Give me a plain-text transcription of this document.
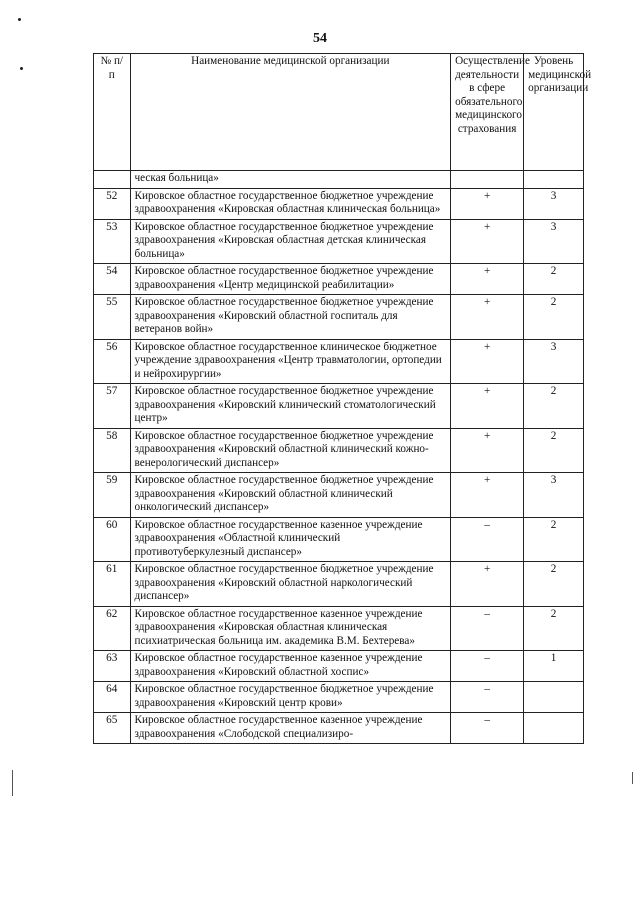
54
№ п/п	Наименование медицинской организации	Осуществление деятельности в сфере обязательного медицинского страхования	Уровень медицинской организации
	ческая больница»		
52	Кировское областное государственное бюджетное учреждение здравоохранения «Кировская областная клиническая больница»	+	3
53	Кировское областное государственное бюджетное учреждение здравоохранения «Кировская областная детская клиническая больница»	+	3
54	Кировское областное государственное бюджетное учреждение здравоохранения «Центр медицинской реабилитации»	+	2
55	Кировское областное государственное бюджетное учреждение здравоохранения «Кировский областной госпиталь для ветеранов войн»	+	2
56	Кировское областное государственное клиническое бюджетное учреждение здравоохранения «Центр травматологии, ортопедии и нейрохирургии»	+	3
57	Кировское областное государственное бюджетное учреждение здравоохранения «Кировский клинический стоматологический центр»	+	2
58	Кировское областное государственное бюджетное учреждение здравоохранения «Кировский областной клинический кожно-венерологический диспансер»	+	2
59	Кировское областное государственное бюджетное учреждение здравоохранения «Кировский областной клинический онкологический диспансер»	+	3
60	Кировское областное государственное казенное учреждение здравоохранения «Областной клинический противотуберкулезный диспансер»	–	2
61	Кировское областное государственное бюджетное учреждение здравоохранения «Кировский областной наркологический диспансер»	+	2
62	Кировское областное государственное казенное учреждение здравоохранения «Кировская областная клиническая психиатрическая больница им. академика В.М. Бехтерева»	–	2
63	Кировское областное государственное казенное учреждение здравоохранения «Кировский областной хоспис»	–	1
64	Кировское областное государственное бюджетное учреждение здравоохранения «Кировский центр крови»	–	
65	Кировское областное государственное казенное учреждение здравоохранения «Слободской специализиро-	–	
